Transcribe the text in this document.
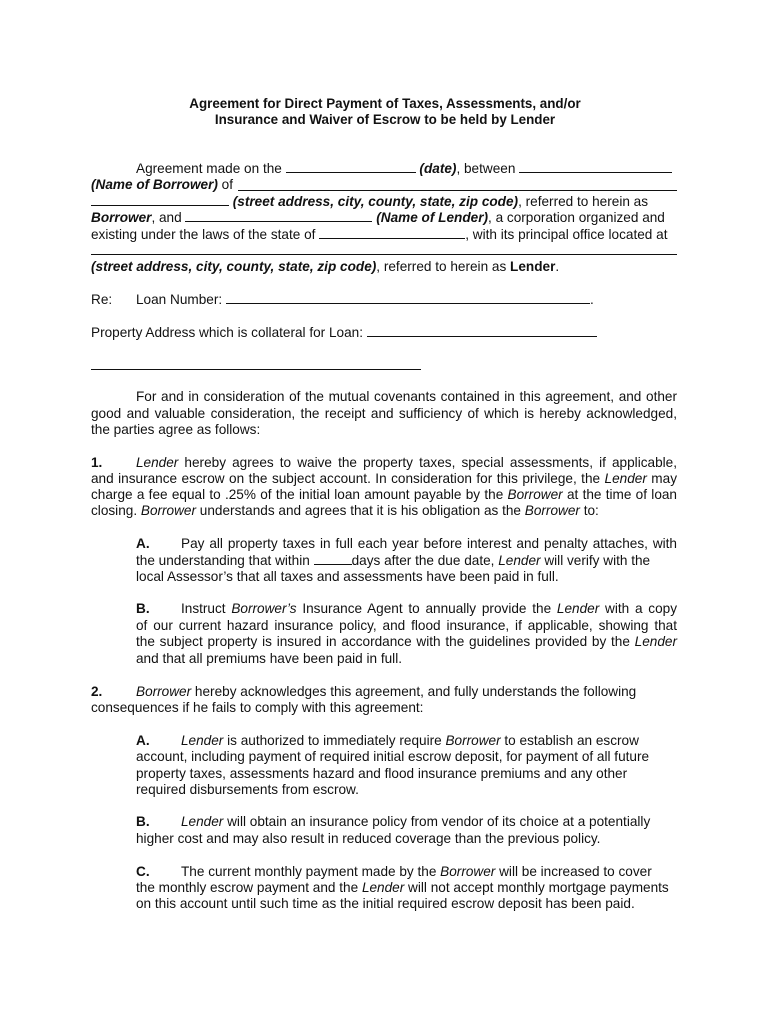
Agreement for Direct Payment of Taxes, Assessments, and/or
Insurance and Waiver of Escrow to be held by Lender
Agreement made on the	(date), between
(Name of Borrower) of
(street address, city, county, state, zip code), referred to herein as
Borrower, and	(Name of Lender), a corporation organized and
existing under the laws of the state of	, with its principal office located at
(street address, city, county, state, zip code), referred to herein as Lender.
Re: Loan Number:	.
Property Address which is collateral for Loan:
For and in consideration of the mutual covenants contained in this agreement, and other
good and valuable consideration, the receipt and sufficiency of which is hereby acknowledged,
the parties agree as follows:
1. Lender hereby agrees to waive the property taxes, special assessments, if applicable,
and insurance escrow on the subject account. In consideration for this privilege, the Lender may
charge a fee equal to .25% of the initial loan amount payable by the Borrower at the time of loan
closing. Borrower understands and agrees that it is his obligation as the Borrower to:
A. Pay all property taxes in full each year before interest and penalty attaches, with
the understanding that within	days after the due date, Lender will verify with the
local Assessor’s that all taxes and assessments have been paid in full.
B. Instruct Borrower’s Insurance Agent to annually provide the Lender with a copy
of our current hazard insurance policy, and flood insurance, if applicable, showing that
the subject property is insured in accordance with the guidelines provided by the Lender
and that all premiums have been paid in full.
2. Borrower hereby acknowledges this agreement, and fully understands the following
consequences if he fails to comply with this agreement:
A. Lender is authorized to immediately require Borrower to establish an escrow
account, including payment of required initial escrow deposit, for payment of all future
property taxes, assessments hazard and flood insurance premiums and any other
required disbursements from escrow.
B. Lender will obtain an insurance policy from vendor of its choice at a potentially
higher cost and may also result in reduced coverage than the previous policy.
C. The current monthly payment made by the Borrower will be increased to cover
the monthly escrow payment and the Lender will not accept monthly mortgage payments
on this account until such time as the initial required escrow deposit has been paid.
